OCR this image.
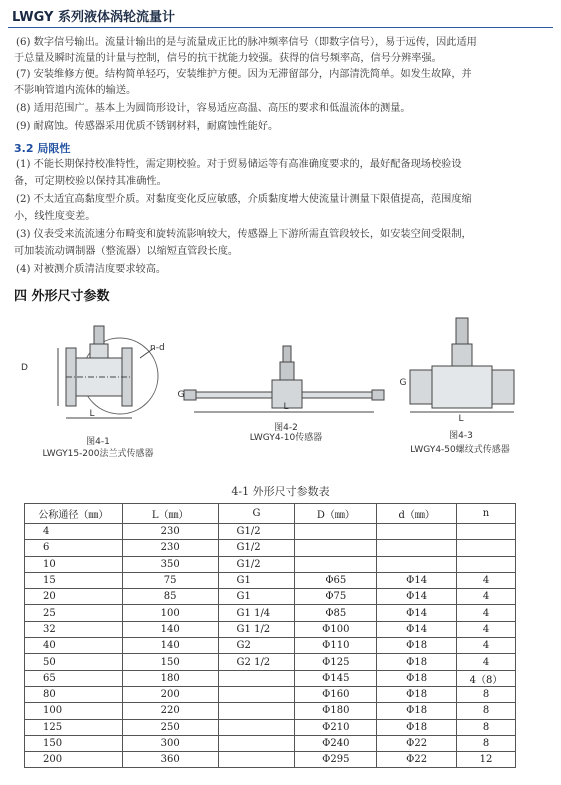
LWGY 系列液体涡轮流量计
(6) 数字信号输出。流量计输出的是与流量成正比的脉冲频率信号（即数字信号），易于远传，因此适用
于总量及瞬时流量的计量与控制，信号的抗干扰能力较强。获得的信号频率高，信号分辨率强。
(7) 安装维修方便。结构简单轻巧，安装维护方便。因为无滞留部分，内部清洗简单。如发生故障，并
不影响管道内流体的输送。
(8) 适用范围广。基本上为圆筒形设计，容易适应高温、高压的要求和低温流体的测量。
(9) 耐腐蚀。传感器采用优质不锈钢材料，耐腐蚀性能好。
3.2 局限性
(1) 不能长期保持校准特性，需定期校验。对于贸易储运等有高准确度要求的，最好配备现场校验设
备，可定期校验以保持其准确性。
(2) 不太适宜高黏度型介质。对黏度变化反应敏感，介质黏度增大使流量计测量下限值提高，范围度缩
小，线性度变差。
(3) 仪表受来流流速分布畸变和旋转流影响较大，传感器上下游所需直管段较长，如安装空间受限制，
可加装流动调制器（整流器）以缩短直管段长度。
(4) 对被测介质清洁度要求较高。
四 外形尺寸参数
D
L
n-d
图4-1
LWGY15-200法兰式传感器
G
L
图4-2
LWGY4-10传感器
G
L
图4-3
LWGY4-50螺纹式传感器
4-1 外形尺寸参数表
公称通径（㎜）	L（㎜）	G	D（㎜）	d（㎜）	n
4	230	G1/2			
6	230	G1/2			
10	350	G1/2			
15	75	G1	Φ65	Φ14	4
20	85	G1	Φ75	Φ14	4
25	100	G1 1/4	Φ85	Φ14	4
32	140	G1 1/2	Φ100	Φ14	4
40	140	G2	Φ110	Φ18	4
50	150	G2 1/2	Φ125	Φ18	4
65	180		Φ145	Φ18	4（8）
80	200		Φ160	Φ18	8
100	220		Φ180	Φ18	8
125	250		Φ210	Φ18	8
150	300		Φ240	Φ22	8
200	360		Φ295	Φ22	12
